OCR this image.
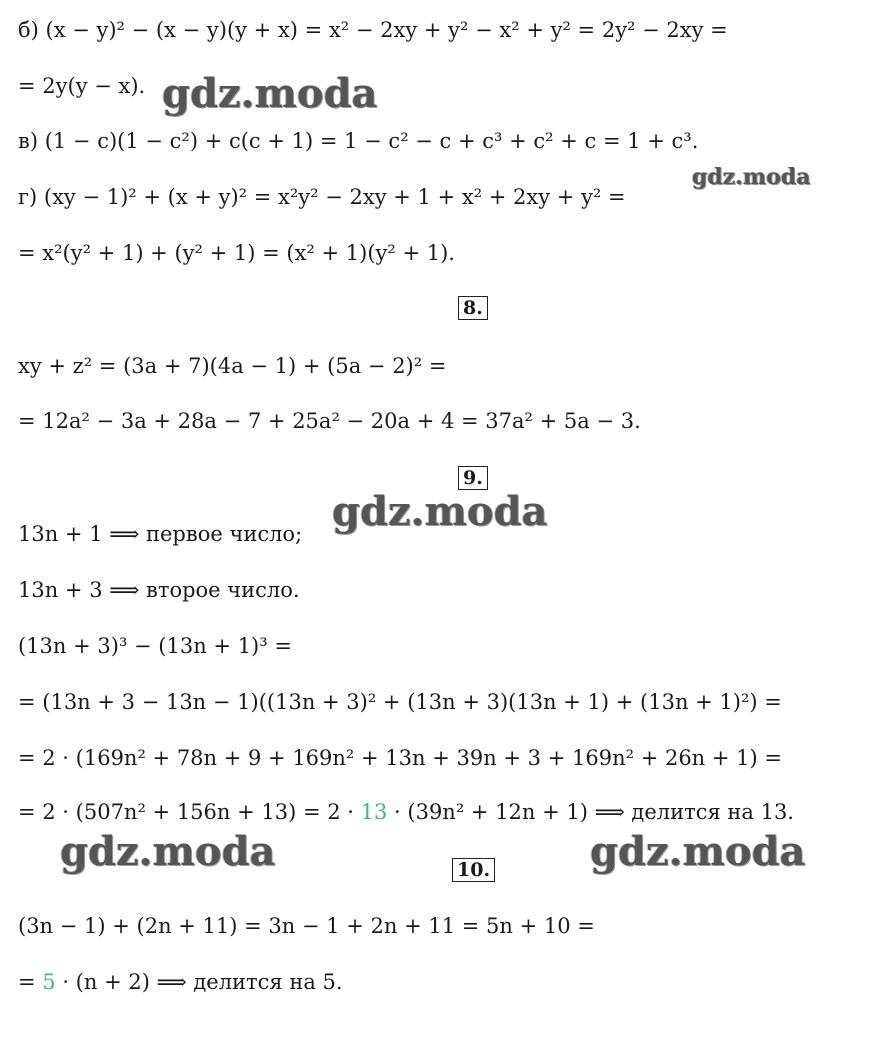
б) (x − y)² − (x − y)(y + x) = x² − 2xy + y² − x² + y² = 2y² − 2xy =
= 2y(y − x).
в) (1 − c)(1 − c²) + c(c + 1) = 1 − c² − c + c³ + c² + c = 1 + c³.
г) (xy − 1)² + (x + y)² = x²y² − 2xy + 1 + x² + 2xy + y² =
= x²(y² + 1) + (y² + 1) = (x² + 1)(y² + 1).
8.
xy + z² = (3a + 7)(4a − 1) + (5a − 2)² =
= 12a² − 3a + 28a − 7 + 25a² − 20a + 4 = 37a² + 5a − 3.
9.
13n + 1 ⟹ первое число;
13n + 3 ⟹ второе число.
(13n + 3)³ − (13n + 1)³ =
= (13n + 3 − 13n − 1)((13n + 3)² + (13n + 3)(13n + 1) + (13n + 1)²) =
= 2 · (169n² + 78n + 9 + 169n² + 13n + 39n + 3 + 169n² + 26n + 1) =
= 2 · (507n² + 156n + 13) = 2 · 13 · (39n² + 12n + 1) ⟹ делится на 13.
10.
(3n − 1) + (2n + 11) = 3n − 1 + 2n + 11 = 5n + 10 =
= 5 · (n + 2) ⟹ делится на 5.
gdz.moda
gdz.moda
gdz.moda
gdz.moda	gdz.moda
